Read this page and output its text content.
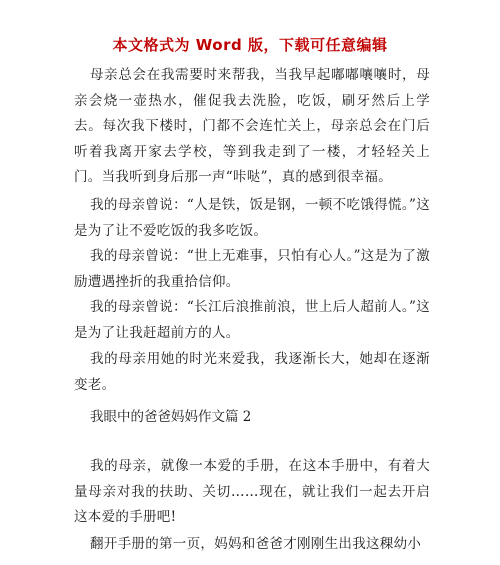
本文格式为 Word 版，下载可任意编辑

母亲总会在我需要时来帮我，当我早起嘟嘟嚷嚷时，母亲会烧一壶热水，催促我去洗脸，吃饭，刷牙然后上学去。每次我下楼时，门都不会连忙关上，母亲总会在门后听着我离开家去学校，等到我走到了一楼，才轻轻关上门。当我听到身后那一声“咔哒”，真的感到很幸福。

我的母亲曾说：“人是铁，饭是钢，一顿不吃饿得慌。”这是为了让不爱吃饭的我多吃饭。

我的母亲曾说：“世上无难事，只怕有心人。”这是为了激励遭遇挫折的我重拾信仰。

我的母亲曾说：“长江后浪推前浪，世上后人超前人。”这是为了让我赶超前方的人。

我的母亲用她的时光来爱我，我逐渐长大，她却在逐渐变老。

我眼中的爸爸妈妈作文篇 2

我的母亲，就像一本爱的手册，在这本手册中，有着大量母亲对我的扶助、关切……现在，就让我们一起去开启这本爱的手册吧!

翻开手册的第一页，妈妈和爸爸才刚刚生出我这稞幼小
